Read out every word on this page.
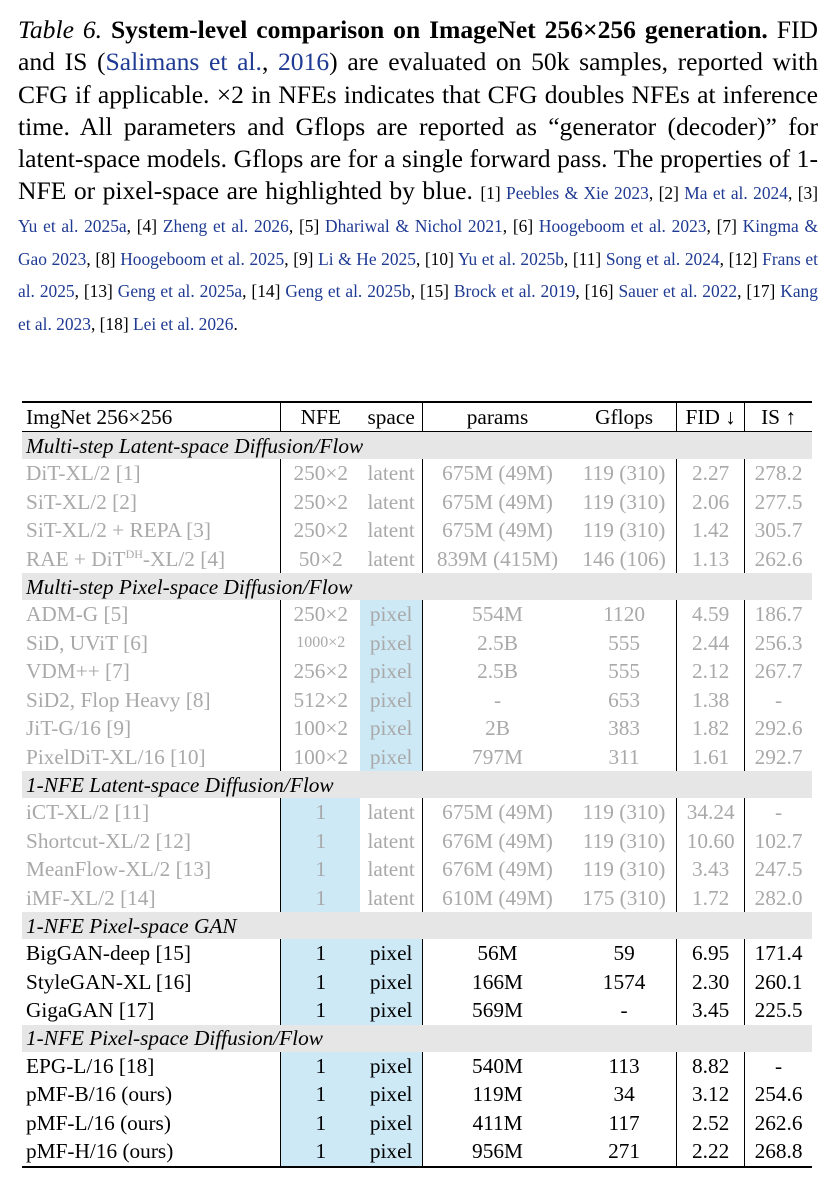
Table 6. System-level comparison on ImageNet 256×256 generation. FID and IS (Salimans et al., 2016) are evaluated on 50k samples, reported with CFG if applicable. ×2 in NFEs indicates that CFG doubles NFEs at inference time. All parameters and Gflops are reported as “generator (decoder)” for latent-space models. Gflops are for a single forward pass. The properties of 1-NFE or pixel-space are highlighted by blue. [1] Peebles & Xie 2023, [2] Ma et al. 2024, [3] Yu et al. 2025a, [4] Zheng et al. 2026, [5] Dhariwal & Nichol 2021, [6] Hoogeboom et al. 2023, [7] Kingma & Gao 2023, [8] Hoogeboom et al. 2025, [9] Li & He 2025, [10] Yu et al. 2025b, [11] Song et al. 2024, [12] Frans et al. 2025, [13] Geng et al. 2025a, [14] Geng et al. 2025b, [15] Brock et al. 2019, [16] Sauer et al. 2022, [17] Kang et al. 2023, [18] Lei et al. 2026.
ImgNet 256×256	NFE	space	params	Gflops	FID ↓	IS ↑
Multi-step Latent-space Diffusion/Flow						
DiT-XL/2 [1]	250×2	latent	675M (49M)	119 (310)	2.27	278.2
SiT-XL/2 [2]	250×2	latent	675M (49M)	119 (310)	2.06	277.5
SiT-XL/2 + REPA [3]	250×2	latent	675M (49M)	119 (310)	1.42	305.7
RAE + DiT$^{DH}$-XL/2 [4]	50×2	latent	839M (415M)	146 (106)	1.13	262.6
Multi-step Pixel-space Diffusion/Flow						
ADM-G [5]	250×2	pixel	554M	1120	4.59	186.7
SiD, UViT [6]	1000×2	pixel	2.5B	555	2.44	256.3
VDM++ [7]	256×2	pixel	2.5B	555	2.12	267.7
SiD2, Flop Heavy [8]	512×2	pixel	-	653	1.38	-
JiT-G/16 [9]	100×2	pixel	2B	383	1.82	292.6
PixelDiT-XL/16 [10]	100×2	pixel	797M	311	1.61	292.7
1-NFE Latent-space Diffusion/Flow						
iCT-XL/2 [11]	1	latent	675M (49M)	119 (310)	34.24	-
Shortcut-XL/2 [12]	1	latent	676M (49M)	119 (310)	10.60	102.7
MeanFlow-XL/2 [13]	1	latent	676M (49M)	119 (310)	3.43	247.5
iMF-XL/2 [14]	1	latent	610M (49M)	175 (310)	1.72	282.0
1-NFE Pixel-space GAN						
BigGAN-deep [15]	1	pixel	56M	59	6.95	171.4
StyleGAN-XL [16]	1	pixel	166M	1574	2.30	260.1
GigaGAN [17]	1	pixel	569M	-	3.45	225.5
1-NFE Pixel-space Diffusion/Flow						
EPG-L/16 [18]	1	pixel	540M	113	8.82	-
pMF-B/16 (ours)	1	pixel	119M	34	3.12	254.6
pMF-L/16 (ours)	1	pixel	411M	117	2.52	262.6
pMF-H/16 (ours)	1	pixel	956M	271	2.22	268.8
